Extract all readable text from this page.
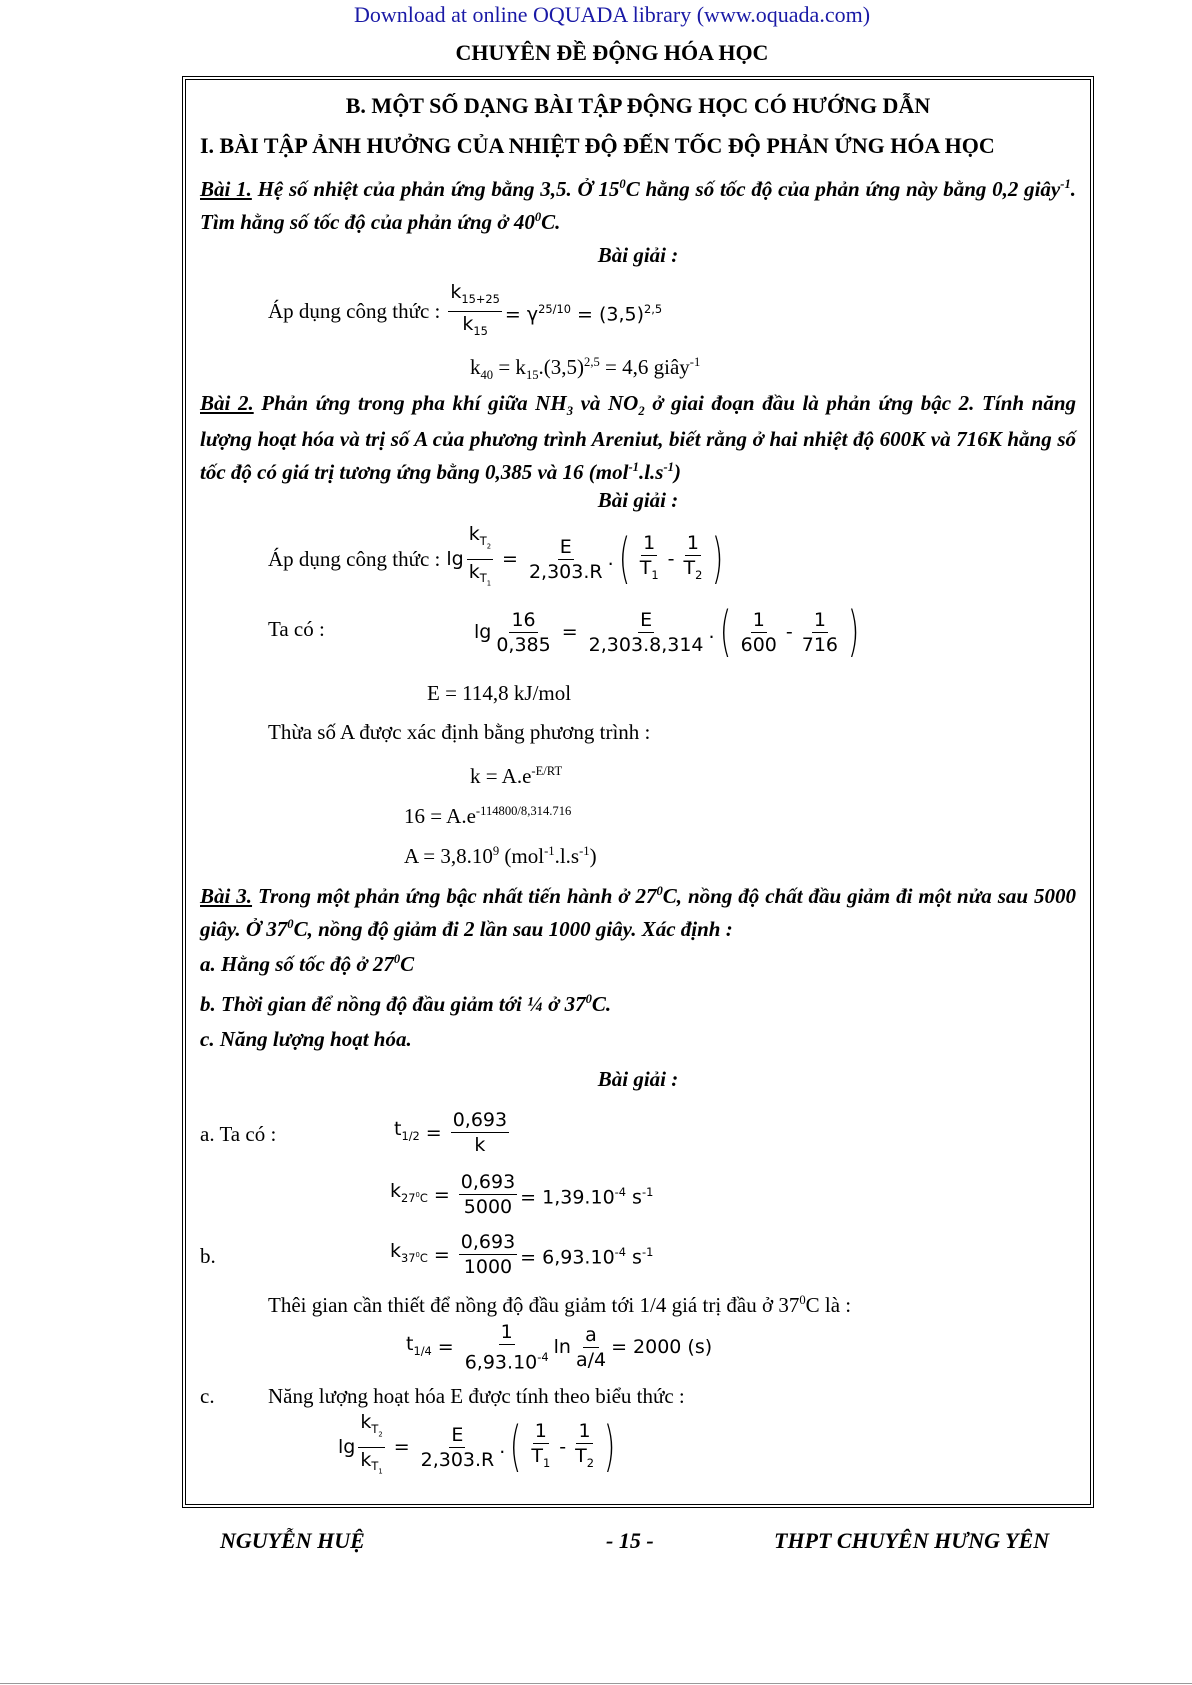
Download at online OQUADA library (www.oquada.com)
CHUYÊN ĐỀ ĐỘNG HÓA HỌC
B. MỘT SỐ DẠNG BÀI TẬP ĐỘNG HỌC CÓ HƯỚNG DẪN
I. BÀI TẬP ẢNH HƯỞNG CỦA NHIỆT ĐỘ ĐẾN TỐC ĐỘ PHẢN ỨNG HÓA HỌC
Bài 1. Hệ số nhiệt của phản ứng bằng 3,5. Ở $15^0C$ hằng số tốc độ của phản ứng này bằng 0,2 giây$^{-1}$. Tìm hằng số tốc độ của phản ứng ở $40^0C$.
Bài giải :
Áp dụng công thức : $\frac{k_{15+25}}{k_{15}} = \gamma^{25/10} = (3,5)^{2,5}$
$k_{40} = k_{15}.(3,5)^{2,5} = 4,6$ giây$^{-1}$
Bài 2. Phản ứng trong pha khí giữa $NH_3$ và $NO_2$ ở giai đoạn đầu là phản ứng bậc 2. Tính năng lượng hoạt hóa và trị số A của phương trình Areniut, biết rằng ở hai nhiệt độ 600K và 716K hằng số tốc độ có giá trị tương ứng bằng 0,385 và 16 $(mol^{-1}.l.s^{-1})$
Bài giải :
Áp dụng công thức : $\lg \frac{k_{T_2}}{k_{T_1}} = \frac{E}{2,303.R}$ . ( $\frac{1}{T_1} - \frac{1}{T_2}$ )
Ta có :	$\lg \frac{16}{0,385} = \frac{E}{2,303.8,314}$ . ( $\frac{1}{600} - \frac{1}{716}$ )
E = 114,8 kJ/mol
Thừa số A được xác định bằng phương trình :
$k = A.e^{-E/RT}$
$16 = A.e^{-114800/8,314.716}$
$A = 3,8.10^9$ $(mol^{-1}.l.s^{-1})$
Bài 3. Trong một phản ứng bậc nhất tiến hành ở $27^0C$, nồng độ chất đầu giảm đi một nửa sau 5000 giây. Ở $37^0C$, nồng độ giảm đi 2 lần sau 1000 giây. Xác định :
a. Hằng số tốc độ ở $27^0C$
b. Thời gian để nồng độ đầu giảm tới ¼ ở $37^0C$.
c. Năng lượng hoạt hóa.
Bài giải :
a. Ta có :	$t_{1/2} = \frac{0,693}{k}$
$k_{27^0C} = \frac{0,693}{5000} = 1,39.10^{-4}$ $s^{-1}$
b.	$k_{37^0C} = \frac{0,693}{1000} = 6,93.10^{-4}$ $s^{-1}$
Thêi gian cần thiết để nồng độ đầu giảm tới 1/4 giá trị đầu ở $37^0C$ là :
$t_{1/4} = \frac{1}{6,93.10^{-4}}$ $\ln \frac{a}{a/4} = 2000$ (s)
c.	Năng lượng hoạt hóa E được tính theo biểu thức :
$\lg \frac{k_{T_2}}{k_{T_1}} = \frac{E}{2,303.R}$ . ( $\frac{1}{T_1} - \frac{1}{T_2}$ )
NGUYỄN HUỆ	- 15 -	THPT CHUYÊN HƯNG YÊN
